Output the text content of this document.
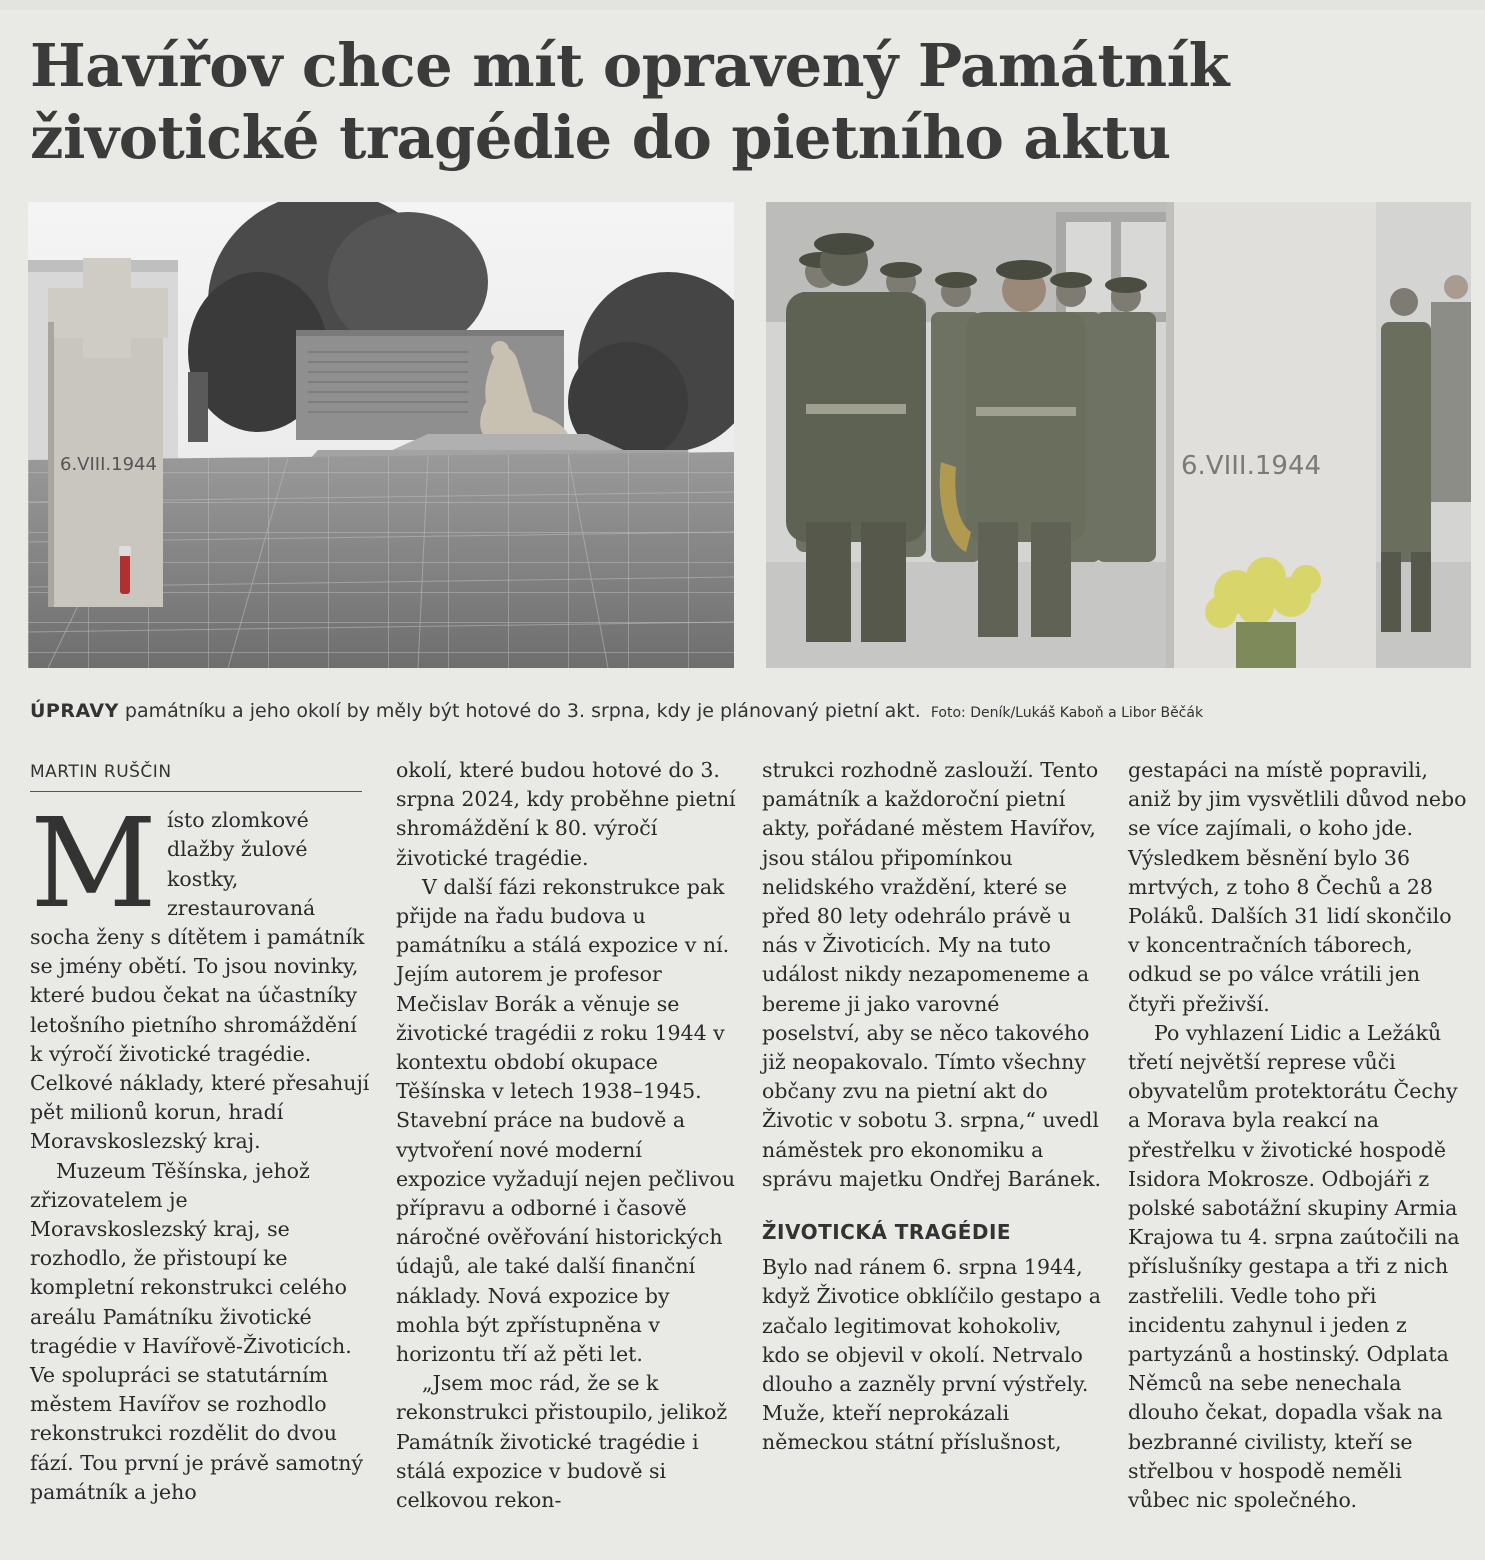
Havířov chce mít opravený Památník
životické tragédie do pietního aktu
6.VIII.1944	6.VIII.1944
ÚPRAVY památníku a jeho okolí by měly být hotové do 3. srpna, kdy je plánovaný pietní akt. Foto: Deník/Lukáš Kaboň a Libor Běčák
MARTIN RUŠČIN

Místo zlomkové dlažby žulové kostky, zrestaurovaná socha ženy s dítětem i památník se jmény obětí. To jsou novinky, které budou čekat na účastníky letošního pietního shromáždění k výročí životické tragédie. Celkové náklady, které přesahují pět milionů korun, hradí Moravskoslezský kraj.

Muzeum Těšínska, jehož zřizovatelem je Moravskoslezský kraj, se rozhodlo, že přistoupí ke kompletní rekonstrukci celého areálu Památníku životické tragédie v Havířově-Životicích. Ve spolupráci se statutárním městem Havířov se rozhodlo rekonstrukci rozdělit do dvou fází. Tou první je právě samotný památník a jeho

okolí, které budou hotové do 3. srpna 2024, kdy proběhne pietní shromáždění k 80. výročí životické tragédie.

V další fázi rekonstrukce pak přijde na řadu budova u památníku a stálá expozice v ní. Jejím autorem je profesor Mečislav Borák a věnuje se životické tragédii z roku 1944 v kontextu období okupace Těšínska v letech 1938–1945. Stavební práce na budově a vytvoření nové moderní expozice vyžadují nejen pečlivou přípravu a odborné i časově náročné ověřování historických údajů, ale také další finanční náklady. Nová expozice by mohla být zpřístupněna v horizontu tří až pěti let.

„Jsem moc rád, že se k rekonstrukci přistoupilo, jelikož Památník životické tragédie i stálá expozice v budově si celkovou rekon-

strukci rozhodně zaslouží. Tento památník a každoroční pietní akty, pořádané městem Havířov, jsou stálou připomínkou nelidského vraždění, které se před 80 lety odehrálo právě u nás v Životicích. My na tuto událost nikdy nezapomeneme a bereme ji jako varovné poselství, aby se něco takového již neopakovalo. Tímto všechny občany zvu na pietní akt do Životic v sobotu 3. srpna,“ uvedl náměstek pro ekonomiku a správu majetku Ondřej Baránek.

ŽIVOTICKÁ TRAGÉDIE

Bylo nad ránem 6. srpna 1944, když Životice obklíčilo gestapo a začalo legitimovat kohokoliv, kdo se objevil v okolí. Netrvalo dlouho a zazněly první výstřely. Muže, kteří neprokázali německou státní příslušnost,

gestapáci na místě popravili, aniž by jim vysvětlili důvod nebo se více zajímali, o koho jde. Výsledkem běsnění bylo 36 mrtvých, z toho 8 Čechů a 28 Poláků. Dalších 31 lidí skončilo v koncentračních táborech, odkud se po válce vrátili jen čtyři přeživší.

Po vyhlazení Lidic a Ležáků třetí největší represe vůči obyvatelům protektorátu Čechy a Morava byla reakcí na přestřelku v životické hospodě Isidora Mokrosze. Odbojáři z polské sabotážní skupiny Armia Krajowa tu 4. srpna zaútočili na příslušníky gestapa a tři z nich zastřelili. Vedle toho při incidentu zahynul i jeden z partyzánů a hostinský. Odplata Němců na sebe nenechala dlouho čekat, dopadla však na bezbranné civilisty, kteří se střelbou v hospodě neměli vůbec nic společného.
